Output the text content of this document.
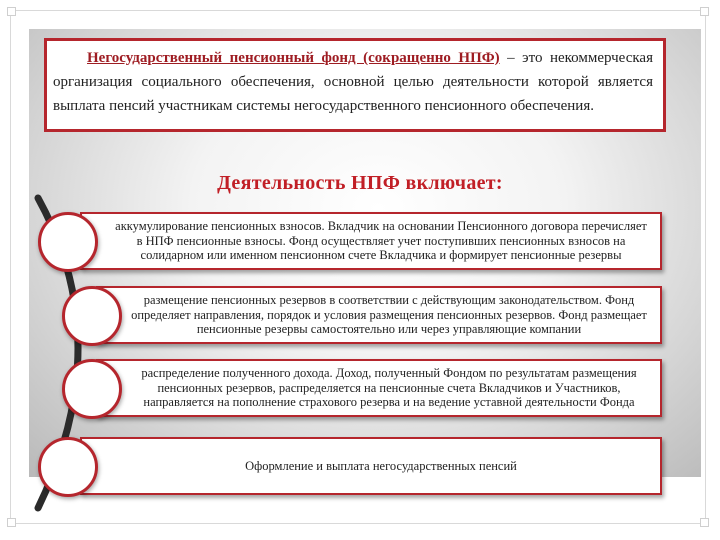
Негосударственный пенсионный фонд (сокращенно НПФ) – это некоммерческая организация социального обеспечения, основной целью деятельности которой является выплата пенсий участникам системы негосударственного пенсионного обеспечения.
Деятельность НПФ включает:
аккумулирование пенсионных взносов. Вкладчик на основании Пенсионного договора перечисляет в НПФ пенсионные взносы. Фонд осуществляет учет поступивших пенсионных взносов на солидарном или именном пенсионном счете Вкладчика и формирует пенсионные резервы
размещение пенсионных резервов в соответствии с действующим законодательством. Фонд определяет направления, порядок и условия размещения пенсионных резервов. Фонд размещает пенсионные резервы самостоятельно или через управляющие компании
распределение полученного дохода. Доход, полученный Фондом по результатам размещения пенсионных резервов, распределяется на пенсионные счета Вкладчиков и Участников, направляется на пополнение страхового резерва и на ведение уставной деятельности Фонда
Оформление и выплата негосударственных пенсий
